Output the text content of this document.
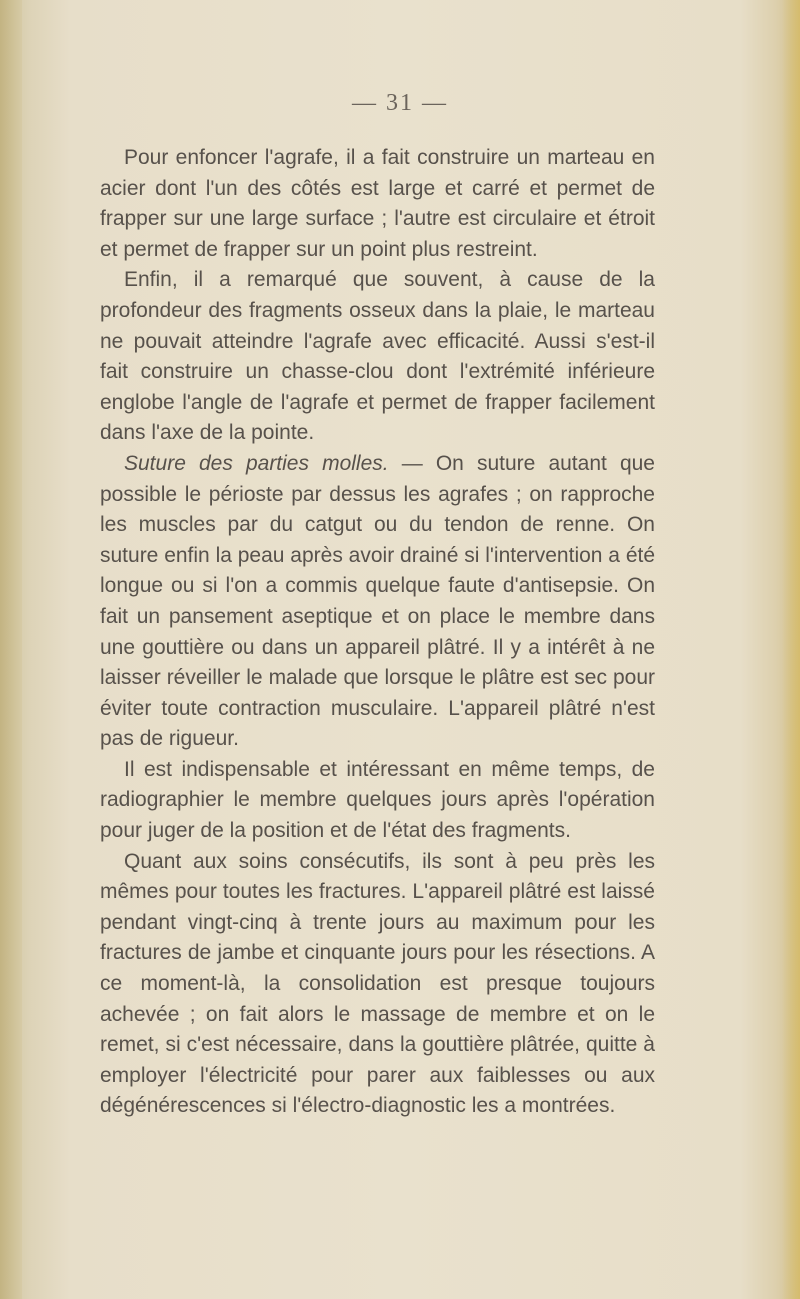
— 31 —

Pour enfoncer l'agrafe, il a fait construire un marteau en acier dont l'un des côtés est large et carré et permet de frapper sur une large surface ; l'autre est circulaire et étroit et permet de frapper sur un point plus restreint.

Enfin, il a remarqué que souvent, à cause de la profondeur des fragments osseux dans la plaie, le marteau ne pouvait atteindre l'agrafe avec efficacité. Aussi s'est-il fait construire un chasse-clou dont l'extrémité inférieure englobe l'angle de l'agrafe et permet de frapper facilement dans l'axe de la pointe.

Suture des parties molles. — On suture autant que possible le périoste par dessus les agrafes ; on rapproche les muscles par du catgut ou du tendon de renne. On suture enfin la peau après avoir drainé si l'intervention a été longue ou si l'on a commis quelque faute d'antisepsie. On fait un pansement aseptique et on place le membre dans une gouttière ou dans un appareil plâtré. Il y a intérêt à ne laisser réveiller le malade que lorsque le plâtre est sec pour éviter toute contraction musculaire. L'appareil plâtré n'est pas de rigueur.

Il est indispensable et intéressant en même temps, de radiographier le membre quelques jours après l'opération pour juger de la position et de l'état des fragments.

Quant aux soins consécutifs, ils sont à peu près les mêmes pour toutes les fractures. L'appareil plâtré est laissé pendant vingt-cinq à trente jours au maximum pour les fractures de jambe et cinquante jours pour les résections. A ce moment-là, la consolidation est presque toujours achevée ; on fait alors le massage de membre et on le remet, si c'est nécessaire, dans la gouttière plâtrée, quitte à employer l'électricité pour parer aux faiblesses ou aux dégénérescences si l'électro-diagnostic les a montrées.
